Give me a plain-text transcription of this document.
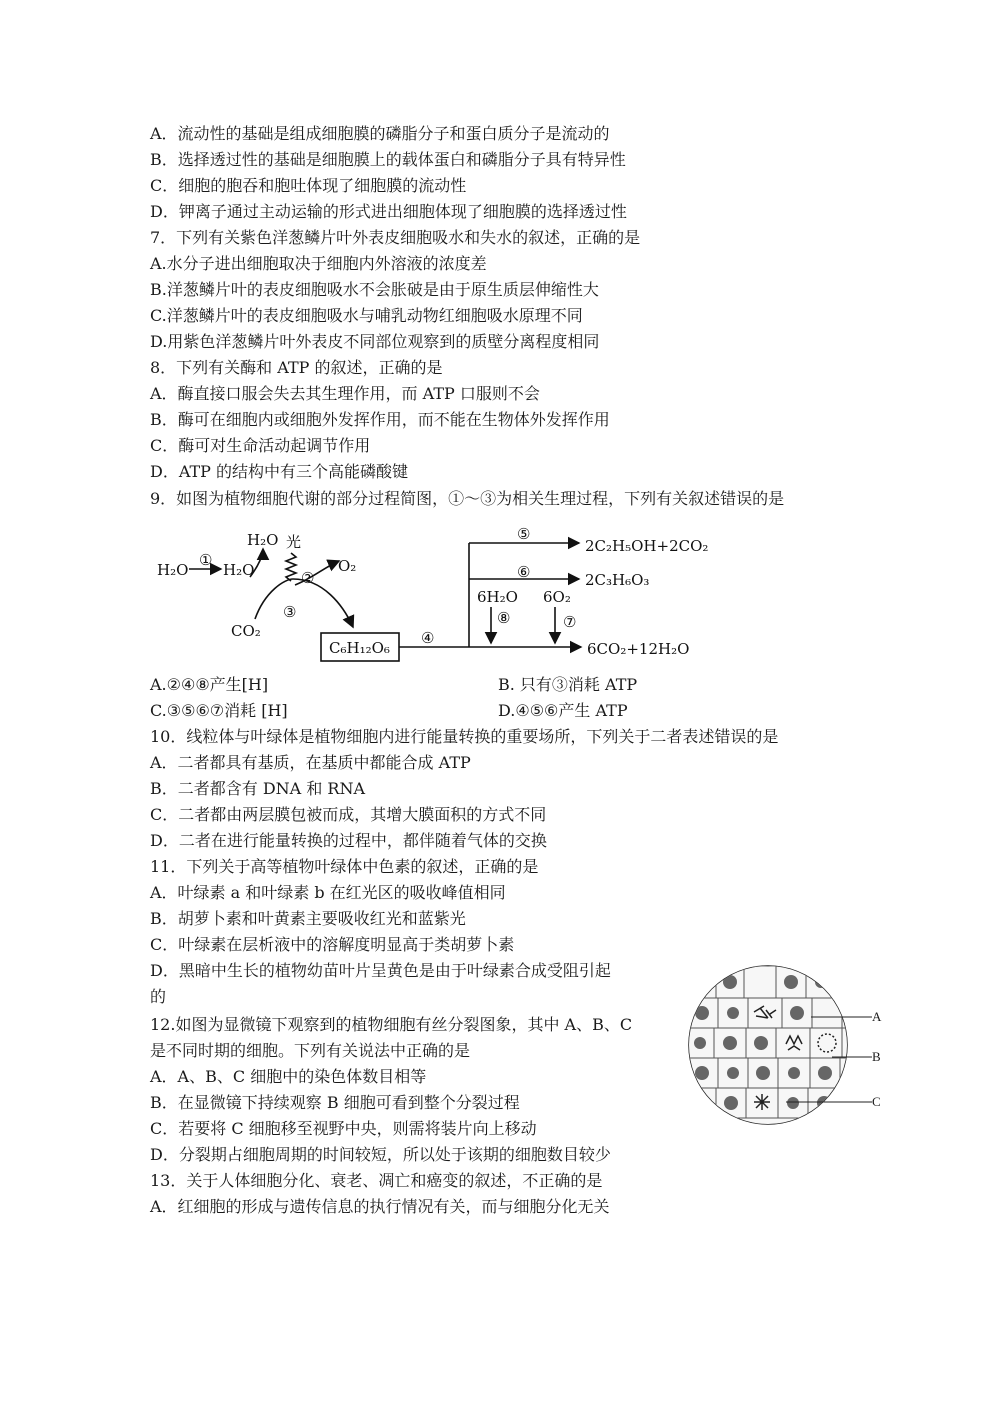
A．流动性的基础是组成细胞膜的磷脂分子和蛋白质分子是流动的
B．选择透过性的基础是细胞膜上的载体蛋白和磷脂分子具有特异性
C．细胞的胞吞和胞吐体现了细胞膜的流动性
D．钾离子通过主动运输的形式进出细胞体现了细胞膜的选择透过性
7．下列有关紫色洋葱鳞片叶外表皮细胞吸水和失水的叙述，正确的是
A.水分子进出细胞取决于细胞内外溶液的浓度差
B.洋葱鳞片叶的表皮细胞吸水不会胀破是由于原生质层伸缩性大
C.洋葱鳞片叶的表皮细胞吸水与哺乳动物红细胞吸水原理不同
D.用紫色洋葱鳞片叶外表皮不同部位观察到的质壁分离程度相同
8．下列有关酶和 ATP 的叙述，正确的是
A．酶直接口服会失去其生理作用，而 ATP 口服则不会
B．酶可在细胞内或细胞外发挥作用，而不能在生物体外发挥作用
C．酶可对生命活动起调节作用
D．ATP 的结构中有三个高能磷酸键
9．如图为植物细胞代谢的部分过程简图，①～③为相关生理过程，下列有关叙述错误的是
H₂O
①
H₂O
H₂O 光
②
O₂
③
CO₂
C₆H₁₂O₆
④
⑤
2C₂H₅OH+2CO₂
⑥	2C₃H₆O₃
6H₂O
⑧
6O₂
⑦
6CO₂+12H₂O
A.②④⑧产生[H]	B. 只有③消耗 ATP
C.③⑤⑥⑦消耗 [H]	D.④⑤⑥产生 ATP
10．线粒体与叶绿体是植物细胞内进行能量转换的重要场所，下列关于二者表述错误的是
A．二者都具有基质，在基质中都能合成 ATP
B．二者都含有 DNA 和 RNA
C．二者都由两层膜包被而成，其增大膜面积的方式不同
D．二者在进行能量转换的过程中，都伴随着气体的交换
11．下列关于高等植物叶绿体中色素的叙述，正确的是
A．叶绿素 a 和叶绿素 b 在红光区的吸收峰值相同
B．胡萝卜素和叶黄素主要吸收红光和蓝紫光
C．叶绿素在层析液中的溶解度明显高于类胡萝卜素
D．黑暗中生长的植物幼苗叶片呈黄色是由于叶绿素合成受阻引起
的
12.如图为显微镜下观察到的植物细胞有丝分裂图象，其中 A、B、C
是不同时期的细胞。下列有关说法中正确的是
A．A、B、C 细胞中的染色体数目相等
B．在显微镜下持续观察 B 细胞可看到整个分裂过程
C．若要将 C 细胞移至视野中央，则需将装片向上移动
D．分裂期占细胞周期的时间较短，所以处于该期的细胞数目较少
13．关于人体细胞分化、衰老、凋亡和癌变的叙述，不正确的是
A．红细胞的形成与遗传信息的执行情况有关，而与细胞分化无关
A
B
C
